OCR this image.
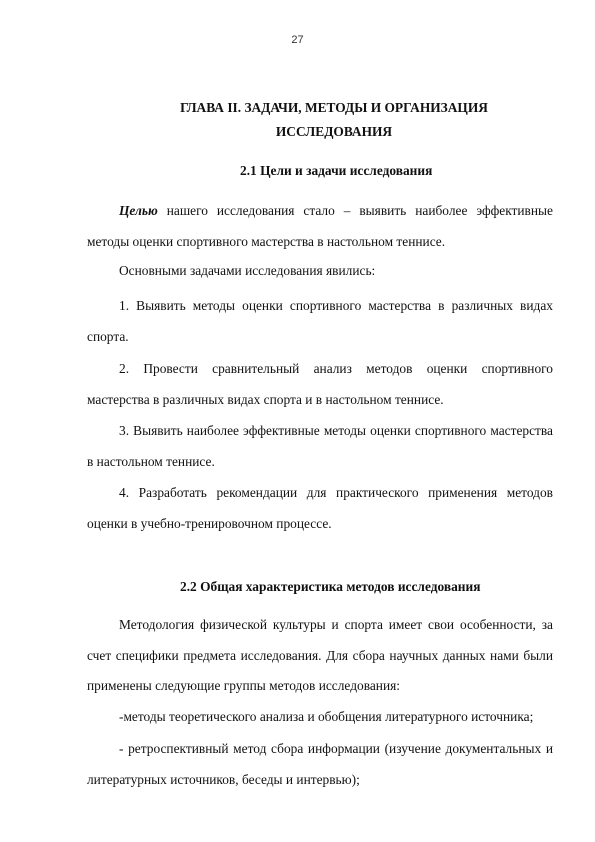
27
ГЛАВА II. ЗАДАЧИ, МЕТОДЫ И ОРГАНИЗАЦИЯ
ИССЛЕДОВАНИЯ
2.1 Цели и задачи исследования
Целью нашего исследования стало – выявить наиболее эффективные методы оценки спортивного мастерства в настольном теннисе.
Основными задачами исследования явились:
1. Выявить методы оценки спортивного мастерства в различных видах спорта.
2. Провести сравнительный анализ методов оценки спортивного мастерства в различных видах спорта и в настольном теннисе.
3. Выявить наиболее эффективные методы оценки спортивного мастерства в настольном теннисе.
4. Разработать рекомендации для практического применения методов оценки в учебно-тренировочном процессе.
2.2 Общая характеристика методов исследования
Методология физической культуры и спорта имеет свои особенности, за счет специфики предмета исследования. Для сбора научных данных нами были применены следующие группы методов исследования:
-методы теоретического анализа и обобщения литературного источника;
- ретроспективный метод сбора информации (изучение документальных и литературных источников, беседы и интервью);
